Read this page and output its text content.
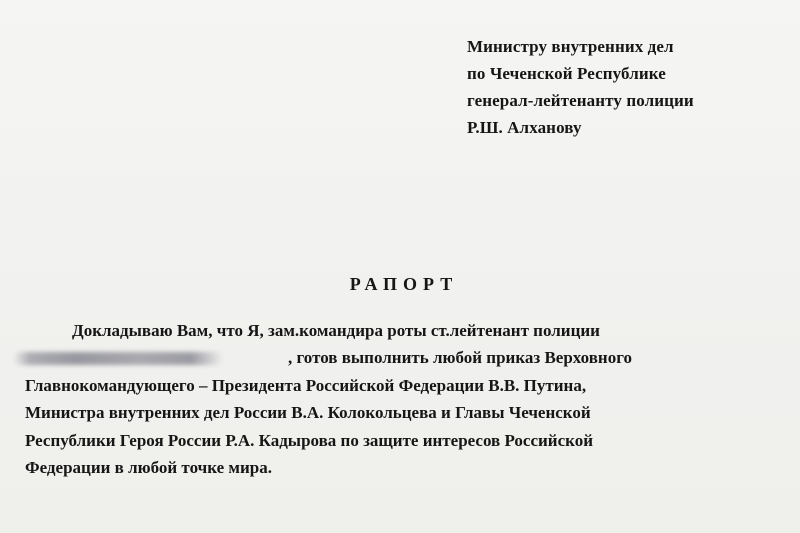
Министру внутренних дел
по Чеченской Республике
генерал-лейтенанту полиции
Р.Ш. Алханову
РАПОРТ
Докладываю Вам, что Я, зам.командира роты ст.лейтенант полиции
, готов выполнить любой приказ Верховного
Главнокомандующего – Президента Российской Федерации В.В. Путина,
Министра внутренних дел России В.А. Колокольцева и Главы Чеченской
Республики Героя России Р.А. Кадырова по защите интересов Российской
Федерации в любой точке мира.
